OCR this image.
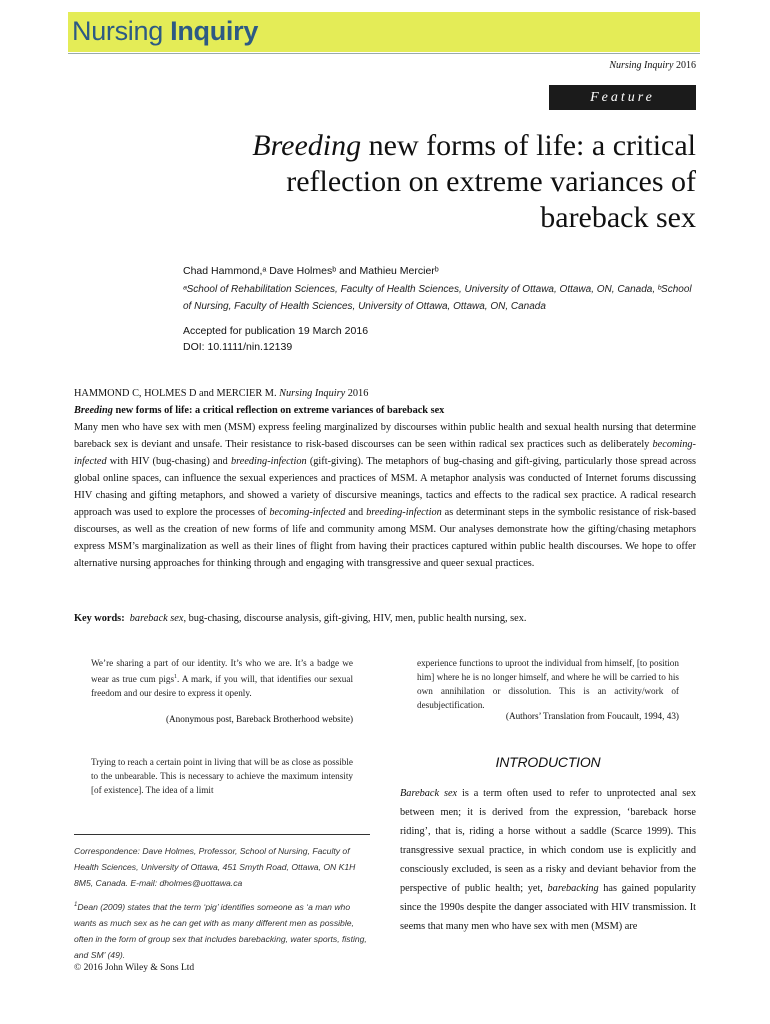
Nursing Inquiry
Nursing Inquiry 2016
Feature
Breeding new forms of life: a critical
reflection on extreme variances of
bareback sex
Chad Hammond,ᵃ Dave Holmesᵇ and Mathieu Mercierᵇ
ᵃSchool of Rehabilitation Sciences, Faculty of Health Sciences, University of Ottawa, Ottawa, ON, Canada, ᵇSchool of Nursing, Faculty of Health Sciences, University of Ottawa, Ottawa, ON, Canada
Accepted for publication 19 March 2016
DOI: 10.1111/nin.12139

HAMMOND C, HOLMES D and MERCIER M. Nursing Inquiry 2016

Breeding new forms of life: a critical reflection on extreme variances of bareback sex

Many men who have sex with men (MSM) express feeling marginalized by discourses within public health and sexual health nursing that determine bareback sex is deviant and unsafe. Their resistance to risk-based discourses can be seen within radical sex practices such as deliberately becoming-infected with HIV (bug-chasing) and breeding-infection (gift-giving). The metaphors of bug-chasing and gift-giving, particularly those spread across global online spaces, can influence the sexual experiences and practices of MSM. A metaphor analysis was conducted of Internet forums discussing HIV chasing and gifting metaphors, and showed a variety of discursive meanings, tactics and effects to the radical sex practice. A radical research approach was used to explore the processes of becoming-infected and breeding-infection as determinant steps in the symbolic resistance of risk-based discourses, as well as the creation of new forms of life and community among MSM. Our analyses demonstrate how the gifting/chasing metaphors express MSM’s marginalization as well as their lines of flight from having their practices captured within public health discourses. We hope to offer alternative nursing approaches for thinking through and engaging with transgressive and queer sexual practices.

Key words: bareback sex, bug-chasing, discourse analysis, gift-giving, HIV, men, public health nursing, sex.
We’re sharing a part of our identity. It’s who we are. It’s a badge we wear as true cum pigs$^1$. A mark, if you will, that identifies our sexual freedom and our desire to express it openly.
(Anonymous post, Bareback Brotherhood website)
Trying to reach a certain point in living that will be as close as possible to the unbearable. This is necessary to achieve the maximum intensity [of existence]. The idea of a limit
experience functions to uproot the individual from himself, [to position him] where he is no longer himself, and where he will be carried to his own annihilation or dissolution. This is an activity/work of desubjectification.
(Authors’ Translation from Foucault, 1994, 43)
INTRODUCTION
Bareback sex is a term often used to refer to unprotected anal sex between men; it is derived from the expression, ‘bareback horse riding’, that is, riding a horse without a saddle (Scarce 1999). This transgressive sexual practice, in which condom use is explicitly and consciously excluded, is seen as a risky and deviant behavior from the perspective of public health; yet, barebacking has gained popularity since the 1990s despite the danger associated with HIV transmission. It seems that many men who have sex with men (MSM) are
Correspondence: Dave Holmes, Professor, School of Nursing, Faculty of Health Sciences, University of Ottawa, 451 Smyth Road, Ottawa, ON K1H 8M5, Canada. E-mail: dholmes@uottawa.ca
$^1$Dean (2009) states that the term ‘pig’ identifies someone as ‘a man who wants as much sex as he can get with as many different men as possible, often in the form of group sex that includes barebacking, water sports, fisting, and SM’ (49).
© 2016 John Wiley & Sons Ltd
